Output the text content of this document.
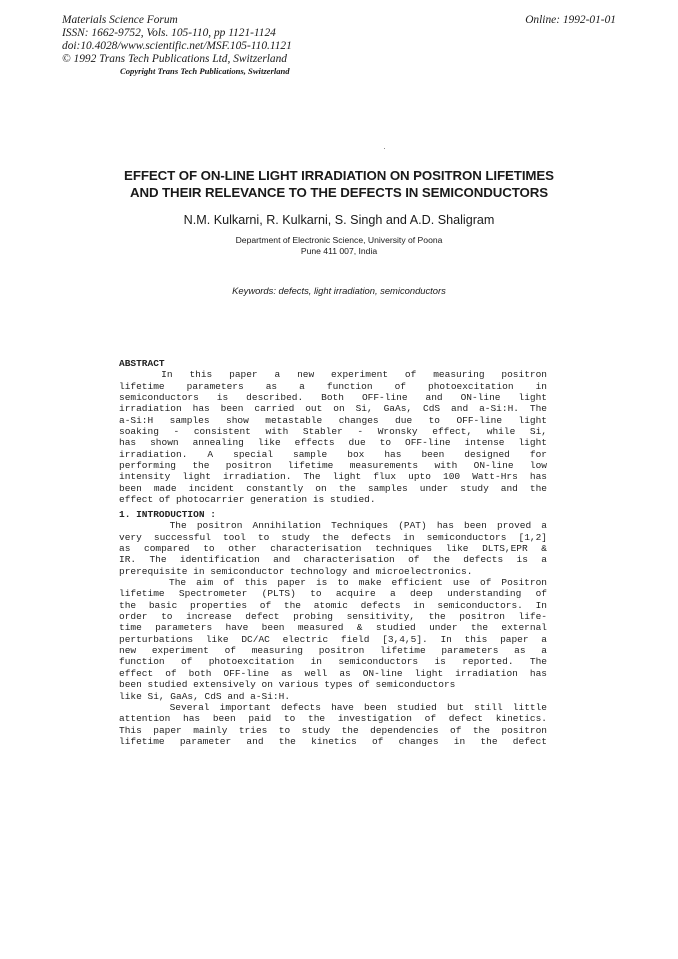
Materials Science Forum
ISSN: 1662-9752, Vols. 105-110, pp 1121-1124
doi:10.4028/www.scientific.net/MSF.105-110.1121
© 1992 Trans Tech Publications Ltd, Switzerland
Online: 1992-01-01
Copyright Trans Tech Publications, Switzerland
EFFECT OF ON-LINE LIGHT IRRADIATION ON POSITRON LIFETIMES
AND THEIR RELEVANCE TO THE DEFECTS IN SEMICONDUCTORS
N.M. Kulkarni, R. Kulkarni, S. Singh and A.D. Shaligram
Department of Electronic Science, University of Poona
Pune 411 007, India
Keywords: defects, light irradiation, semiconductors
ABSTRACT
In  this  paper  a  new  experiment  of  measuring  positron
lifetime parameters as a function of photoexcitation in
semiconductors is described. Both OFF-line and ON-line light
irradiation has been carried out on Si, GaAs, CdS and a-Si:H. The
a-Si:H samples show metastable changes due to OFF-line light
soaking - consistent with Stabler - Wronsky effect, while Si,
has shown annealing like effects due to OFF-line intense light
irradiation. A special sample box has been designed for
performing the positron lifetime measurements with ON-line low
intensity light irradiation. The light flux upto 100 Watt-Hrs has
been made incident constantly on the samples under study and the
effect of photocarrier generation is studied.
1. INTRODUCTION :
The positron Annihilation Techniques (PAT) has been proved a
very successful tool to study the defects in semiconductors [1,2]
as compared to other characterisation techniques like DLTS,EPR &
IR. The identification and characterisation of the defects is a
prerequisite in semiconductor technology and microelectronics.
The aim of this paper is to make efficient use of Positron
lifetime Spectrometer (PLTS) to acquire a deep understanding of
the basic properties of the atomic defects in semiconductors. In
order to increase defect probing sensitivity, the positron life-
time parameters have been measured & studied under the external
perturbations like DC/AC electric field [3,4,5]. In this paper a
new experiment of measuring positron lifetime parameters as a
function of photoexcitation in semiconductors is reported. The
effect of both OFF-line as well as ON-line light irradiation has
been studied extensively on various types of semiconductors
like Si, GaAs, CdS and a-Si:H.
Several important defects have been studied but still little
attention has been paid to the investigation of defect kinetics.
This paper mainly tries to study the dependencies of the positron
lifetime parameter and the kinetics of changes in the defect
